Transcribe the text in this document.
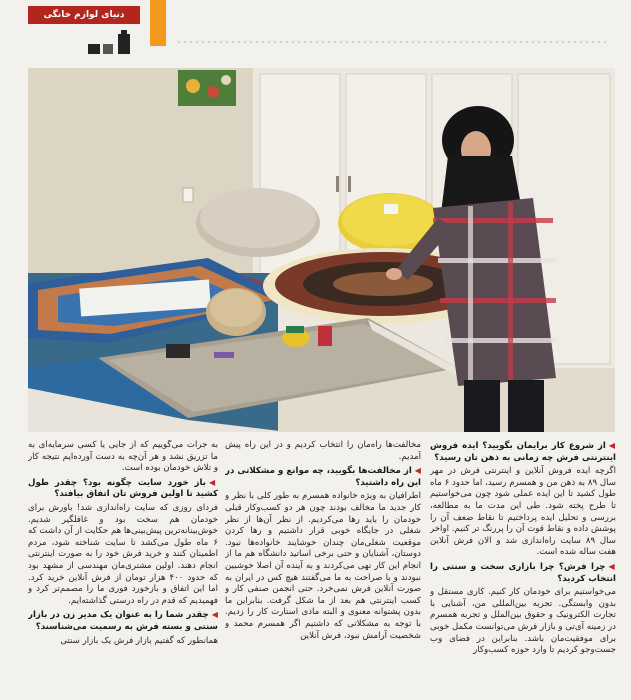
دنیای لوازم خانگی

◀از شروع کار برایمان بگویید؟ ایده فروش اینترنتی فرش چه زمانی به ذهن تان رسید؟

اگرچه ایده فروش آنلاین و اینترنتی فرش در مهر سال ۸۹ به ذهن من و همسرم رسید، اما حدود ۶ ماه طول کشید تا این ایده عملی شود چون می‌خواستیم تا طرح پخته شود. طی این مدت ما به مطالعه، بررسی و تحلیل ایده پرداختیم تا نقاط ضعف آن را پوشش داده و نقاط قوت آن را پررنگ تر کنیم. اواخر سال ۸۹ سایت راه‌اندازی شد و الان فرش آنلاین هفت ساله شده است.

◀چرا فرش؟ چرا بازاری سخت و سنتی را انتخاب کردید؟

می‌خواستیم برای خودمان کار کنیم. کاری مستقل و بدون وابستگی. تجربه بین‌المللی من، آشنایی با تجارت الکترونیک و حقوق بین‌الملل و تجربه همسرم در زمینه آی‌تی و بازار فرش می‌توانست مکمل خوبی برای موفقیت‌مان باشد. بنابراین در فضای وب جست‌وجو کردیم تا وارد حوزه کسب‌وکار

مخالفت‌ها راه‌مان را انتخاب کردیم و در این راه پیش آمدیم.

◀از مخالفت‌ها بگویید، چه موانع و مشکلاتی در این راه داشتید؟

اطرافیان به ویژه خانواده همسرم به طور کلی با نظر و کار جدید ما مخالف بودند چون هر دو کسب‌وکار قبلی خودمان را باید رها می‌کردیم. از نظر آن‌ها از نظر شغلی در جایگاه خوبی قرار داشتیم و رها کردن موقعیت شغلی‌مان چندان خوشایند خانواده‌ها نبود. دوستان، آشنایان و حتی برخی اساتید دانشگاه هم ما از انجام این کار نهی می‌کردند و به آینده آن اصلا خوشبین نبودند و با صراحت به ما می‌گفتند هیچ کس در ایران به صورت آنلاین فرش نمی‌خرد. حتی انجمن صنفی کار و کسب اینترنتی هم بعد از ما شکل گرفت. بنابراین ما بدون پشتوانه معنوی و البته مادی استارت کار را زدیم. با توجه به مشکلاتی که داشتیم اگر همسرم محمد و شخصیت آرامش نبود، فرش آنلاین

به جرات می‌گوییم که از جایی یا کسی سرمایه‌ای به ما تزریق نشد و هر آن‌چه به دست آورده‌ایم نتیجه کار و تلاش خودمان بوده است.

◀باز خورد سایت چگونه بود؟ چقدر طول کشید تا اولین فروش تان اتفاق بیافتد؟

فردای روزی که سایت راه‌اندازی شد! باورش برای خودمان هم سخت بود و غافلگیر شدیم. خوش‌بینانه‌ترین پیش‌بینی‌ها هم حکایت از آن داشت که ۶ ماه طول می‌کشد تا سایت شناخته شود، مردم اطمینان کنند و خرید فرش خود را به صورت اینترنتی انجام دهند. اولین مشتری‌مان مهندسی از مشهد بود که حدود ۴۰۰ هزار تومان از فرش آنلاین خرید کرد. اما این اتفاق و بازخورد فوری ما را مصمم‌تر کرد و فهمیدیم که قدم در راه درستی گذاشته‌ایم.

◀چقدر شما را به عنوان یک مدیر زن در بازار سنتی و بسته فرش به رسمیت می‌شناسند؟

همانطور که گفتیم بازار فرش یک بازار سنتی
